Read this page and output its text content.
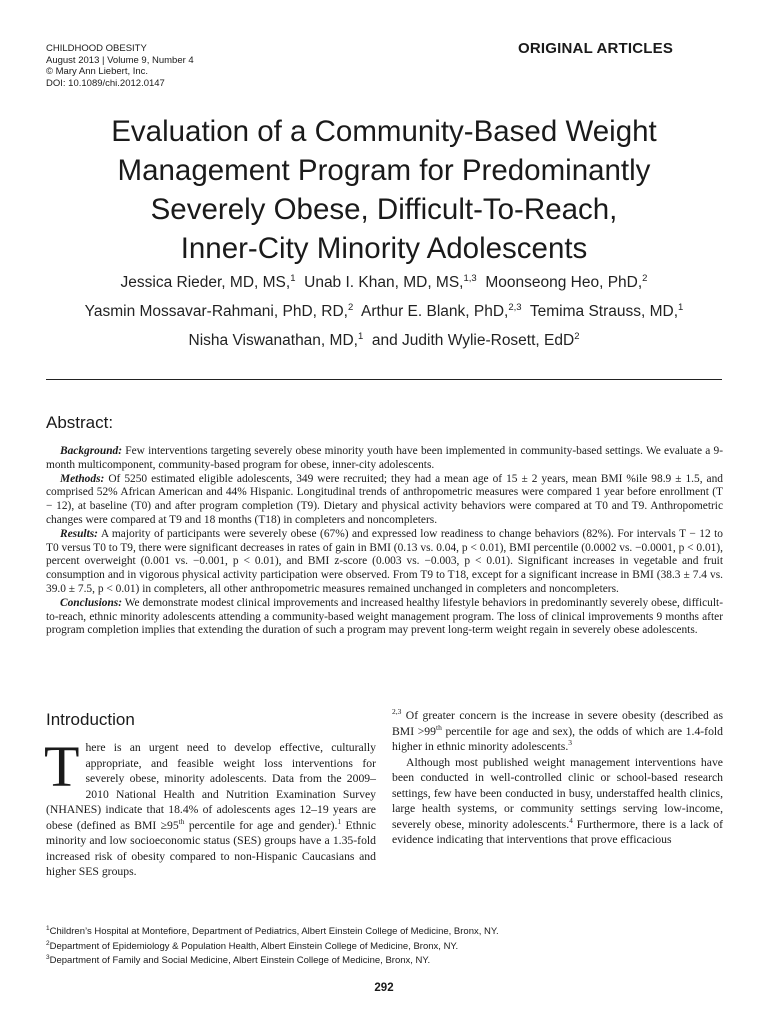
CHILDHOOD OBESITY
August 2013 | Volume 9, Number 4
© Mary Ann Liebert, Inc.
DOI: 10.1089/chi.2012.0147
ORIGINAL ARTICLES
Evaluation of a Community-Based Weight
Management Program for Predominantly
Severely Obese, Difficult-To-Reach,
Inner-City Minority Adolescents
Jessica Rieder, MD, MS,$^1$ Unab I. Khan, MD, MS,$^{1,3}$ Moonseong Heo, PhD,$^2$
Yasmin Mossavar-Rahmani, PhD, RD,$^2$ Arthur E. Blank, PhD,$^{2,3}$ Temima Strauss, MD,$^1$
Nisha Viswanathan, MD,$^1$ and Judith Wylie-Rosett, EdD$^2$
Abstract:

Background: Few interventions targeting severely obese minority youth have been implemented in community-based settings. We evaluate a 9-month multicomponent, community-based program for obese, inner-city adolescents.

Methods: Of 5250 estimated eligible adolescents, 349 were recruited; they had a mean age of 15 ± 2 years, mean BMI %ile 98.9 ± 1.5, and comprised 52% African American and 44% Hispanic. Longitudinal trends of anthropometric measures were compared 1 year before enrollment (T − 12), at baseline (T0) and after program completion (T9). Dietary and physical activity behaviors were compared at T0 and T9. Anthropometric changes were compared at T9 and 18 months (T18) in completers and noncompleters.

Results: A majority of participants were severely obese (67%) and expressed low readiness to change behaviors (82%). For intervals T − 12 to T0 versus T0 to T9, there were significant decreases in rates of gain in BMI (0.13 vs. 0.04, p < 0.01), BMI percentile (0.0002 vs. −0.0001, p < 0.01), percent overweight (0.001 vs. −0.001, p < 0.01), and BMI z-score (0.003 vs. −0.003, p < 0.01). Significant increases in vegetable and fruit consumption and in vigorous physical activity participation were observed. From T9 to T18, except for a significant increase in BMI (38.3 ± 7.4 vs. 39.0 ± 7.5, p < 0.01) in completers, all other anthropometric measures remained unchanged in completers and noncompleters.

Conclusions: We demonstrate modest clinical improvements and increased healthy lifestyle behaviors in predominantly severely obese, difficult-to-reach, ethnic minority adolescents attending a community-based weight management program. The loss of clinical improvements 9 months after program completion implies that extending the duration of such a program may prevent long-term weight regain in severely obese adolescents.

Introduction

There is an urgent need to develop effective, culturally appropriate, and feasible weight loss interventions for severely obese, minority adolescents. Data from the 2009–2010 National Health and Nutrition Examination Survey (NHANES) indicate that 18.4% of adolescents ages 12–19 years are obese (defined as BMI ≥95th percentile for age and gender).$^1$ Ethnic minority and low socioeconomic status (SES) groups have a 1.35-fold increased risk of obesity compared to non-Hispanic Caucasians and higher SES groups.

$^{2,3}$ Of greater concern is the increase in severe obesity (described as BMI >99th percentile for age and sex), the odds of which are 1.4-fold higher in ethnic minority adolescents.$^3$

Although most published weight management interventions have been conducted in well-controlled clinic or school-based research settings, few have been conducted in busy, understaffed health clinics, large health systems, or community settings serving low-income, severely obese, minority adolescents.$^4$ Furthermore, there is a lack of evidence indicating that interventions that prove efficacious

$^1$Children’s Hospital at Montefiore, Department of Pediatrics, Albert Einstein College of Medicine, Bronx, NY.
$^2$Department of Epidemiology & Population Health, Albert Einstein College of Medicine, Bronx, NY.
$^3$Department of Family and Social Medicine, Albert Einstein College of Medicine, Bronx, NY.
292
